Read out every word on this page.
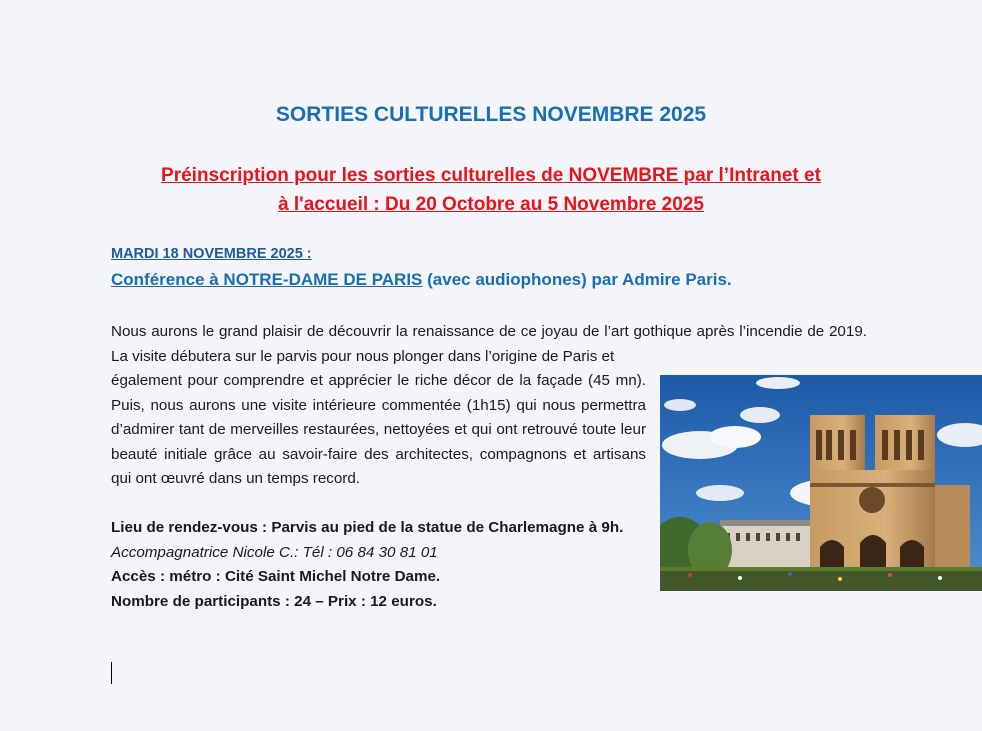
SORTIES CULTURELLES NOVEMBRE 2025
Préinscription pour les sorties culturelles de NOVEMBRE par l’Intranet et
à l'accueil : Du 20 Octobre au 5 Novembre 2025
MARDI 18 NOVEMBRE 2025 :
Conférence à NOTRE-DAME DE PARIS (avec audiophones) par Admire Paris.
Nous aurons le grand plaisir de découvrir la renaissance de ce joyau de l’art gothique après l’incendie de 2019. La visite débutera sur le parvis pour nous plonger dans l’origine de Paris et
également pour comprendre et apprécier le riche décor de la façade (45 mn). Puis, nous aurons une visite intérieure commentée (1h15) qui nous permettra d’admirer tant de merveilles restaurées, nettoyées et qui ont retrouvé toute leur beauté initiale grâce au savoir-faire des architectes, compagnons et artisans qui ont œuvré dans un temps record.
Lieu de rendez-vous : Parvis au pied de la statue de Charlemagne à 9h.
Accompagnatrice Nicole C.: Tél : 06 84 30 81 01
Accès : métro : Cité Saint Michel Notre Dame.
Nombre de participants : 24 – Prix : 12 euros.
